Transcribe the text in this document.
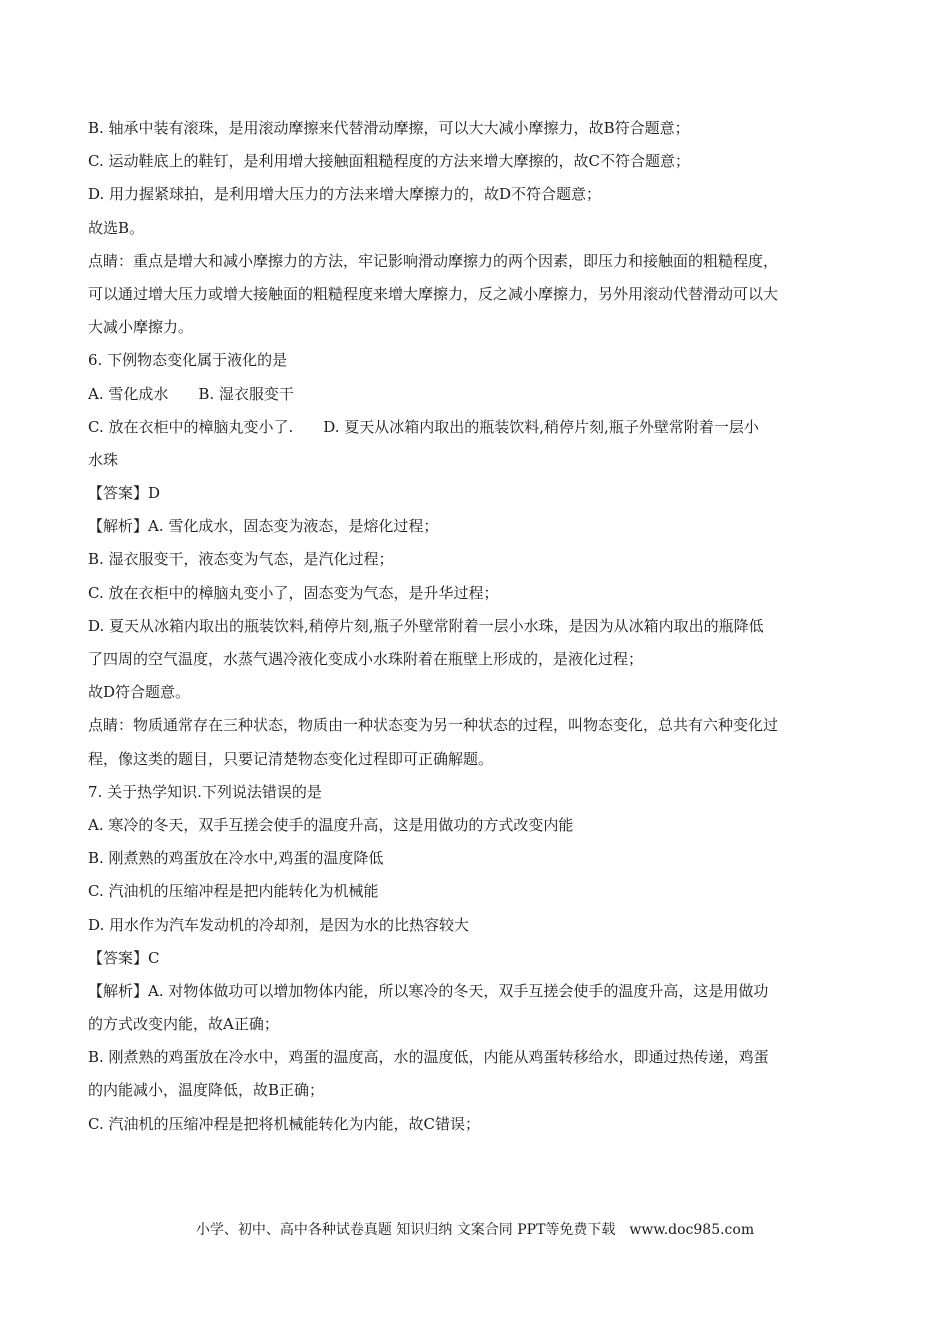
B. 轴承中装有滚珠，是用滚动摩擦来代替滑动摩擦，可以大大减小摩擦力，故B符合题意；
C. 运动鞋底上的鞋钉，是利用增大接触面粗糙程度的方法来增大摩擦的，故C不符合题意；
D. 用力握紧球拍，是利用增大压力的方法来增大摩擦力的，故D不符合题意；
故选B。
点睛：重点是增大和减小摩擦力的方法，牢记影响滑动摩擦力的两个因素，即压力和接触面的粗糙程度，
可以通过增大压力或增大接触面的粗糙程度来增大摩擦力，反之减小摩擦力，另外用滚动代替滑动可以大
大减小摩擦力。
6. 下例物态变化属于液化的是
A. 雪化成水　　B. 湿衣服变干
C. 放在衣柜中的樟脑丸变小了.　　D. 夏天从冰箱内取出的瓶装饮料,稍停片刻,瓶子外壁常附着一层小
水珠
【答案】D
【解析】A. 雪化成水，固态变为液态，是熔化过程；
B. 湿衣服变干，液态变为气态，是汽化过程；
C. 放在衣柜中的樟脑丸变小了，固态变为气态，是升华过程；
D. 夏天从冰箱内取出的瓶装饮料,稍停片刻,瓶子外壁常附着一层小水珠，是因为从冰箱内取出的瓶降低
了四周的空气温度，水蒸气遇冷液化变成小水珠附着在瓶壁上形成的，是液化过程；
故D符合题意。
点睛：物质通常存在三种状态，物质由一种状态变为另一种状态的过程，叫物态变化，总共有六种变化过
程，像这类的题目，只要记清楚物态变化过程即可正确解题。
7. 关于热学知识.下列说法错误的是
A. 寒冷的冬天，双手互搓会使手的温度升高，这是用做功的方式改变内能
B. 刚煮熟的鸡蛋放在冷水中,鸡蛋的温度降低
C. 汽油机的压缩冲程是把内能转化为机械能
D. 用水作为汽车发动机的冷却剂，是因为水的比热容较大
【答案】C
【解析】A. 对物体做功可以增加物体内能，所以寒冷的冬天，双手互搓会使手的温度升高，这是用做功
的方式改变内能，故A正确；
B. 刚煮熟的鸡蛋放在冷水中，鸡蛋的温度高，水的温度低，内能从鸡蛋转移给水，即通过热传递，鸡蛋
的内能减小，温度降低，故B正确；
C. 汽油机的压缩冲程是把将机械能转化为内能，故C错误；
小学、初中、高中各种试卷真题 知识归纳 文案合同 PPT等免费下载　www.doc985.com
